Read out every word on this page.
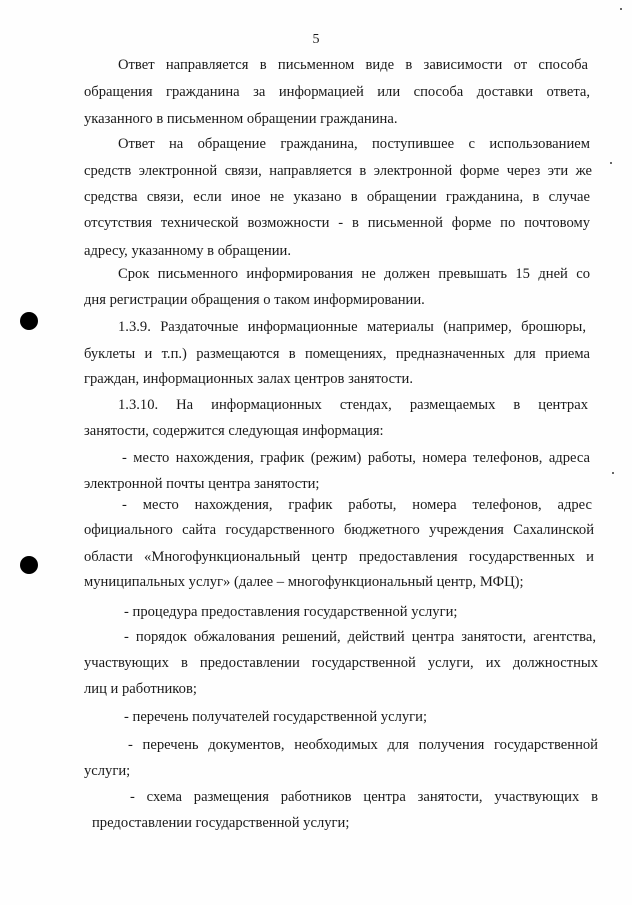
5
Ответ направляется в письменном виде в зависимости от способа
обращения гражданина за информацией или способа доставки ответа,
указанного в письменном обращении гражданина.
Ответ на обращение гражданина, поступившее с использованием
средств электронной связи, направляется в электронной форме через эти же
средства связи, если иное не указано в обращении гражданина, в случае
отсутствия технической возможности - в письменной форме по почтовому
адресу, указанному в обращении.
Срок письменного информирования не должен превышать 15 дней со
дня регистрации обращения о таком информировании.
1.3.9. Раздаточные информационные материалы (например, брошюры,
буклеты и т.п.) размещаются в помещениях, предназначенных для приема
граждан, информационных залах центров занятости.
1.3.10. На информационных стендах, размещаемых в центрах
занятости, содержится следующая информация:
- место нахождения, график (режим) работы, номера телефонов, адреса
электронной почты центра занятости;
- место нахождения, график работы, номера телефонов, адрес
официального сайта государственного бюджетного учреждения Сахалинской
области «Многофункциональный центр предоставления государственных и
муниципальных услуг» (далее – многофункциональный центр, МФЦ);
- процедура предоставления государственной услуги;
- порядок обжалования решений, действий центра занятости, агентства,
участвующих в предоставлении государственной услуги, их должностных
лиц и работников;
- перечень получателей государственной услуги;
- перечень документов, необходимых для получения государственной
услуги;
- схема размещения работников центра занятости, участвующих в
предоставлении государственной услуги;
